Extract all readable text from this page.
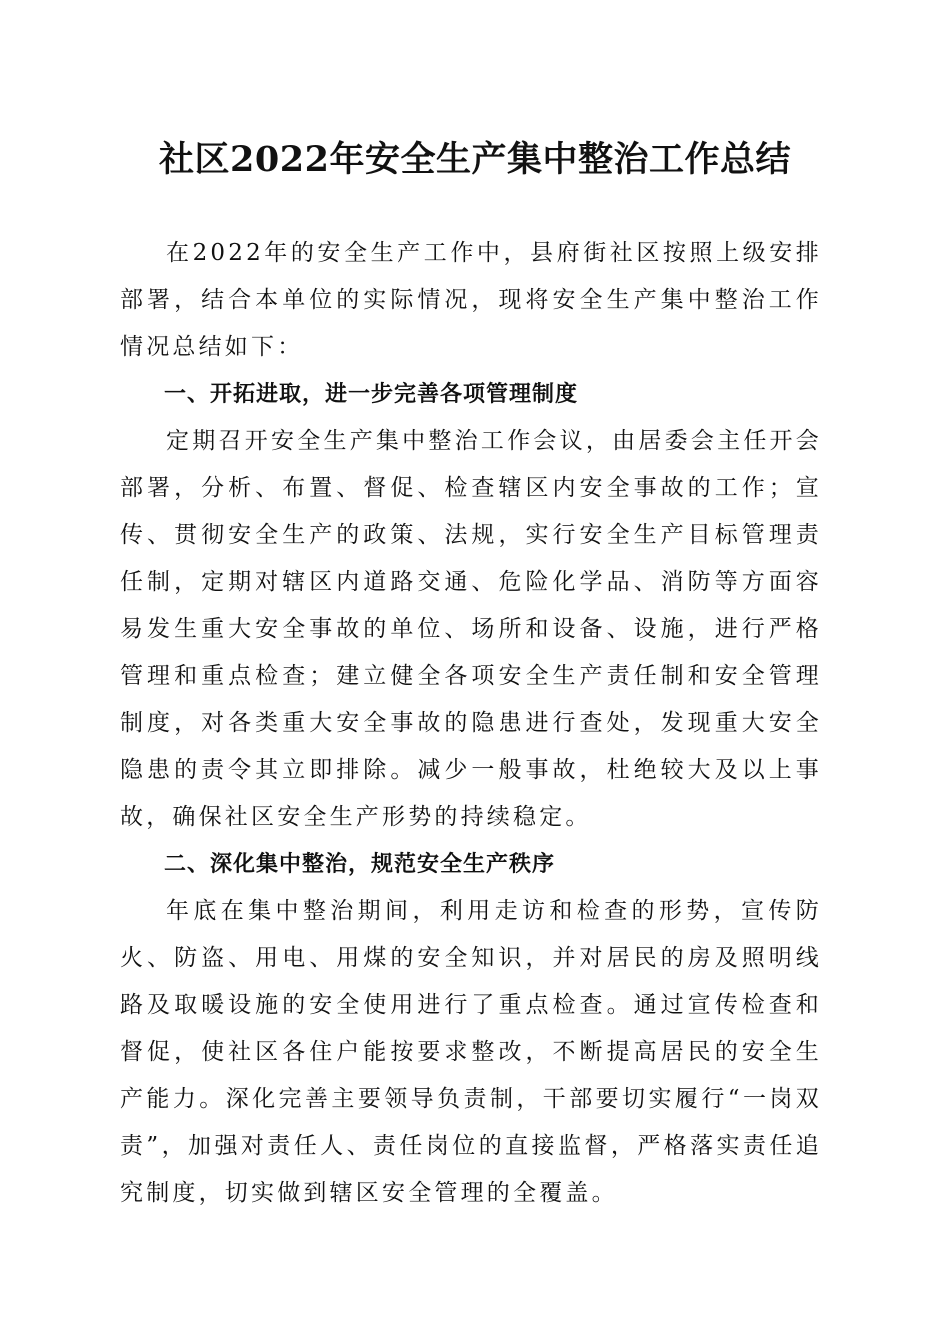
社区2022年安全生产集中整治工作总结

在2022年的安全生产工作中，县府街社区按照上级安排部署，结合本单位的实际情况，现将安全生产集中整治工作情况总结如下：

一、开拓进取，进一步完善各项管理制度

定期召开安全生产集中整治工作会议，由居委会主任开会部署，分析、布置、督促、检查辖区内安全事故的工作；宣传、贯彻安全生产的政策、法规，实行安全生产目标管理责任制，定期对辖区内道路交通、危险化学品、消防等方面容易发生重大安全事故的单位、场所和设备、设施，进行严格管理和重点检查；建立健全各项安全生产责任制和安全管理制度，对各类重大安全事故的隐患进行查处，发现重大安全隐患的责令其立即排除。减少一般事故，杜绝较大及以上事故，确保社区安全生产形势的持续稳定。

二、深化集中整治，规范安全生产秩序

年底在集中整治期间，利用走访和检查的形势，宣传防火、防盗、用电、用煤的安全知识，并对居民的房及照明线路及取暖设施的安全使用进行了重点检查。通过宣传检查和督促，使社区各住户能按要求整改，不断提高居民的安全生产能力。深化完善主要领导负责制，干部要切实履行“一岗双责”，加强对责任人、责任岗位的直接监督，严格落实责任追究制度，切实做到辖区安全管理的全覆盖。
